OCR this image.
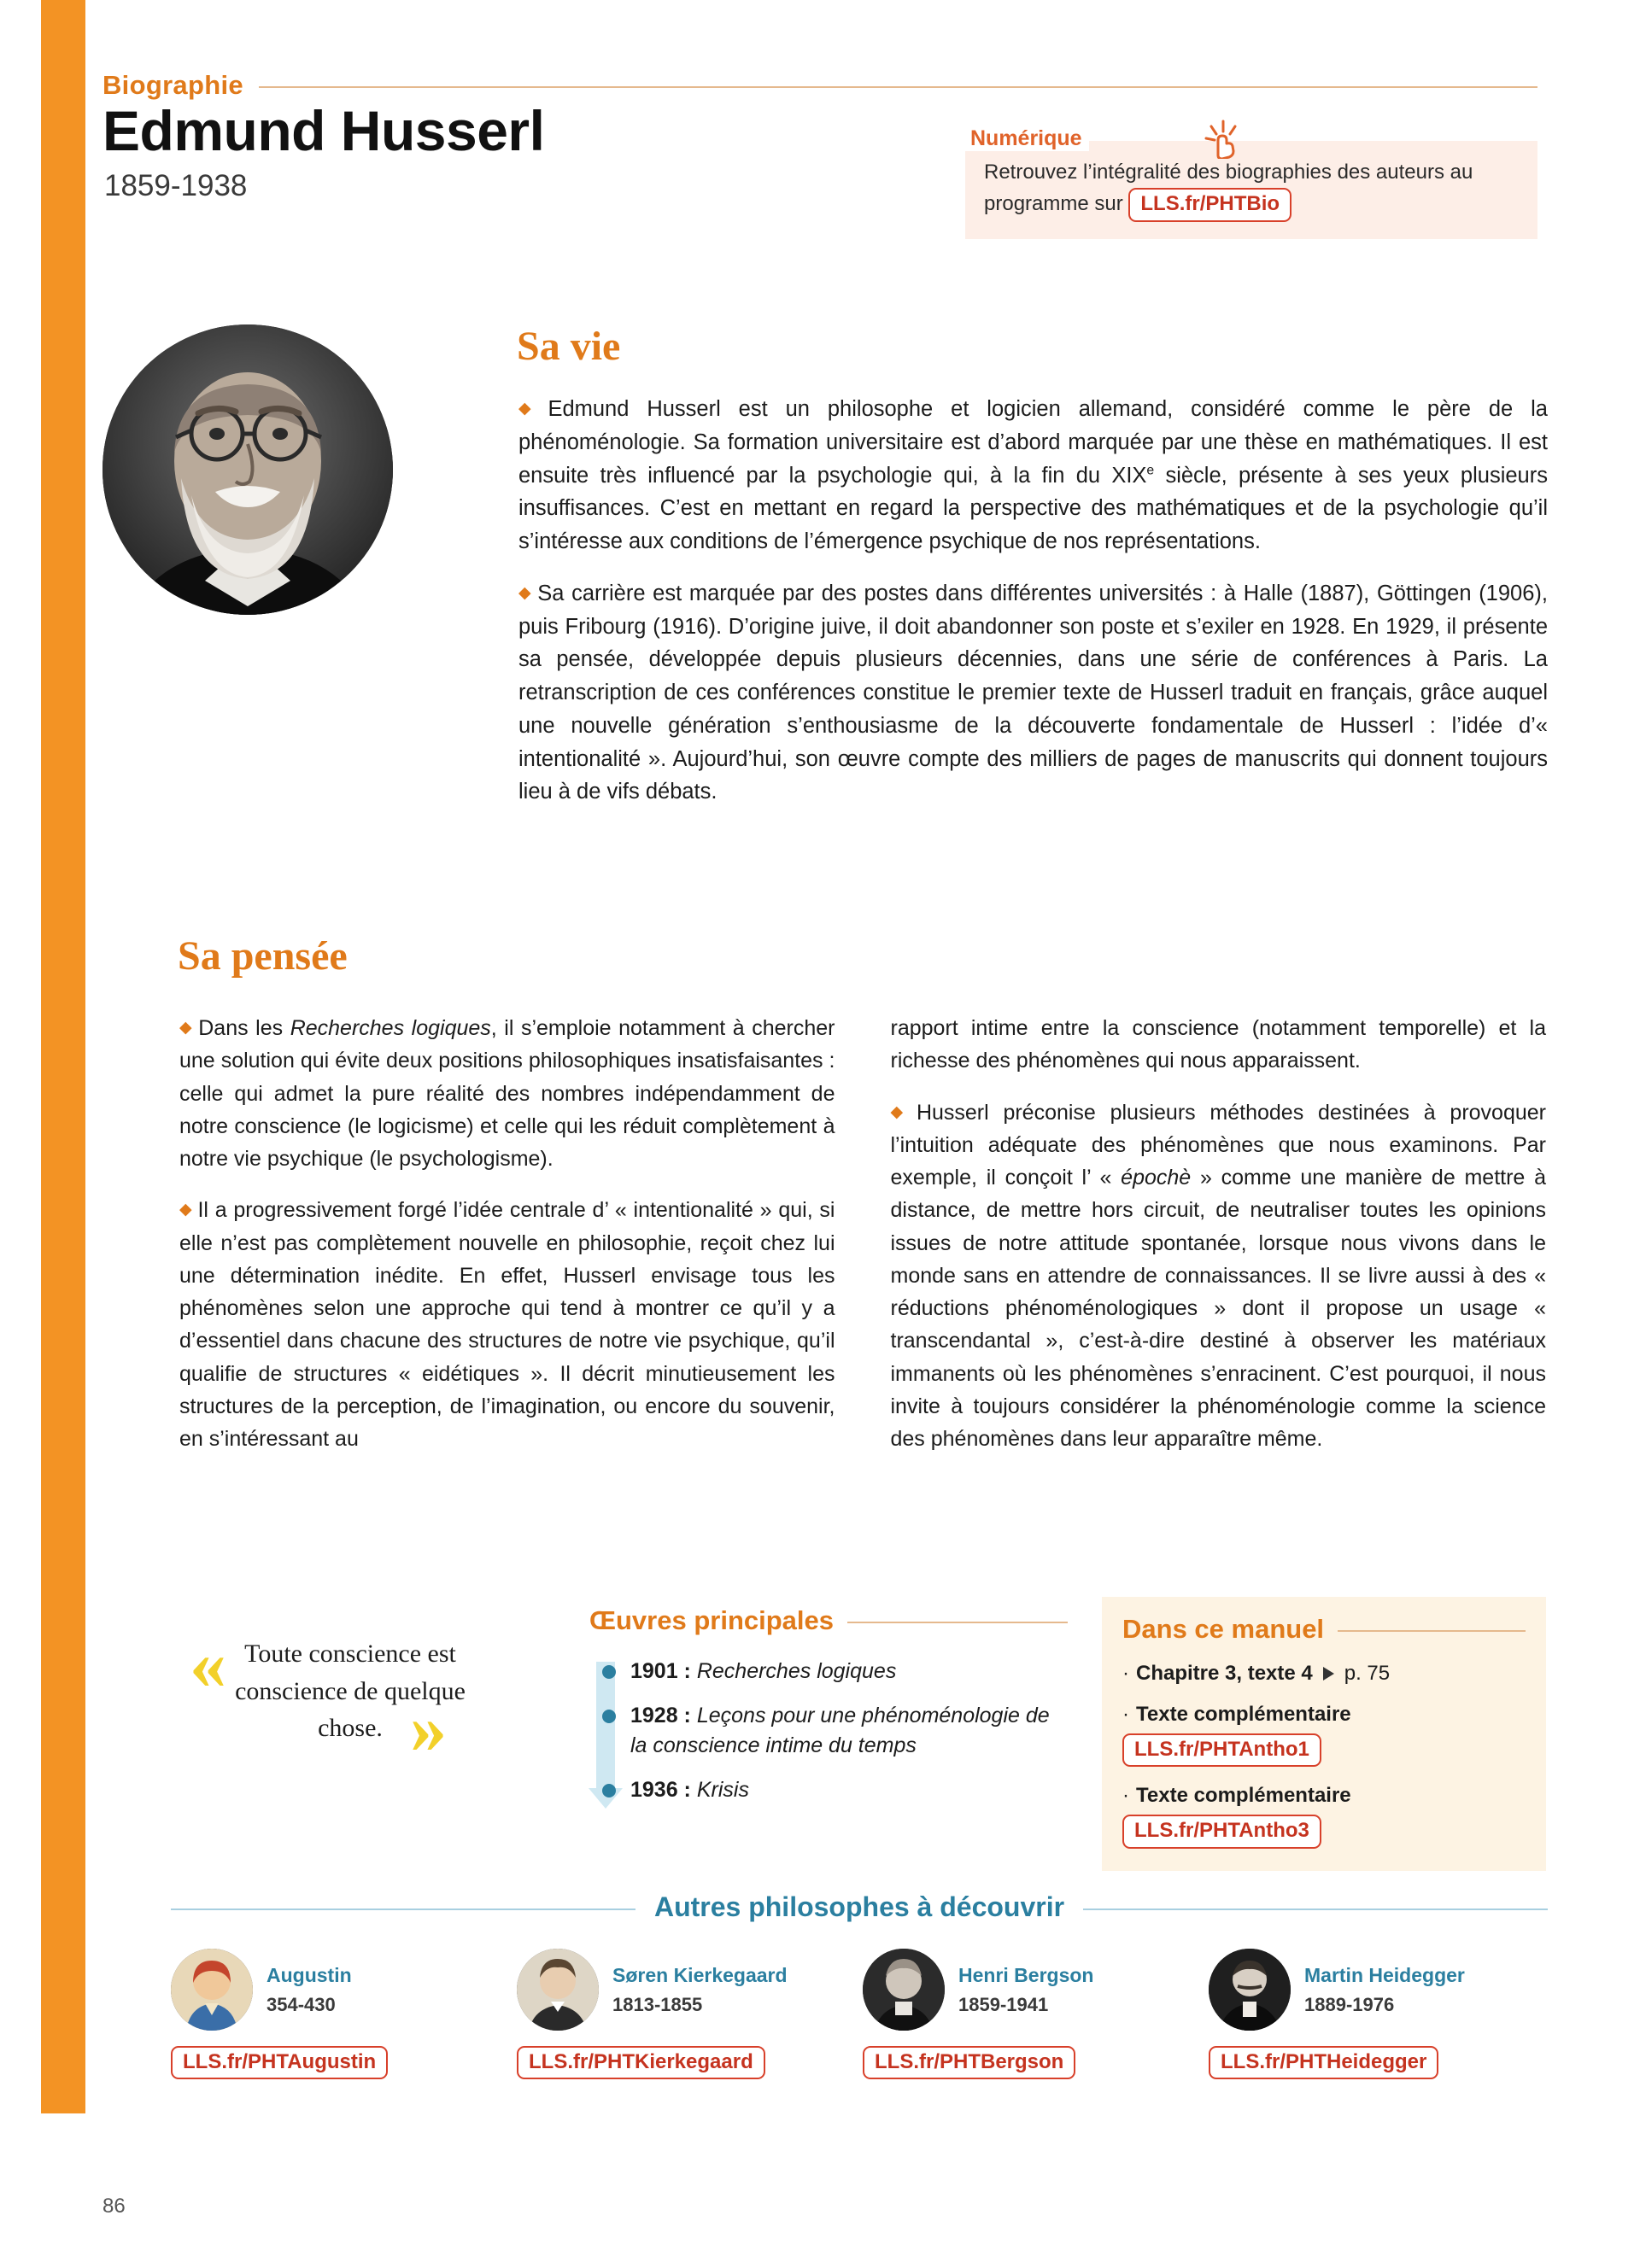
Biographie
Edmund Husserl
1859-1938	Retrouvez l’intégralité des biographies des auteurs au programme sur LLS.fr/PHTBio
Numérique
Sa vie

◆ Edmund Husserl est un philosophe et logicien allemand, considéré comme le père de la phénoménologie. Sa formation universitaire est d’abord marquée par une thèse en mathématiques. Il est ensuite très influencé par la psychologie qui, à la fin du XIXe siècle, présente à ses yeux plusieurs insuffisances. C’est en mettant en regard la perspective des mathématiques et de la psychologie qu’il s’intéresse aux conditions de l’émergence psychique de nos représentations.

◆ Sa carrière est marquée par des postes dans différentes universités : à Halle (1887), Göttingen (1906), puis Fribourg (1916). D’origine juive, il doit abandonner son poste et s’exiler en 1928. En 1929, il présente sa pensée, développée depuis plusieurs décennies, dans une série de conférences à Paris. La retranscription de ces conférences constitue le premier texte de Husserl traduit en français, grâce auquel une nouvelle génération s’enthousiasme de la découverte fondamentale de Husserl : l’idée d’« intentionalité ». Aujourd’hui, son œuvre compte des milliers de pages de manuscrits qui donnent toujours lieu à de vifs débats.

Sa pensée

◆ Dans les Recherches logiques, il s’emploie notamment à chercher une solution qui évite deux positions philosophiques insatisfaisantes : celle qui admet la pure réalité des nombres indépendamment de notre conscience (le logicisme) et celle qui les réduit complètement à notre vie psychique (le psychologisme).

◆ Il a progressivement forgé l’idée centrale d’ « intentionalité » qui, si elle n’est pas complètement nouvelle en philosophie, reçoit chez lui une détermination inédite. En effet, Husserl envisage tous les phénomènes selon une approche qui tend à montrer ce qu’il y a d’essentiel dans chacune des structures de notre vie psychique, qu’il qualifie de structures « eidétiques ». Il décrit minutieusement les structures de la perception, de l’imagination, ou encore du souvenir, en s’intéressant au

rapport intime entre la conscience (notamment temporelle) et la richesse des phénomènes qui nous apparaissent.

◆ Husserl préconise plusieurs méthodes destinées à provoquer l’intuition adéquate des phénomènes que nous examinons. Par exemple, il conçoit l’ « épochè » comme une manière de mettre à distance, de mettre hors circuit, de neutraliser toutes les opinions issues de notre attitude spontanée, lorsque nous vivons dans le monde sans en attendre de connaissances. Il se livre aussi à des « réductions phénoménologiques » dont il propose un usage « transcendantal », c’est-à-dire destiné à observer les matériaux immanents où les phénomènes s’enracinent. C’est pourquoi, il nous invite à toujours considérer la phénoménologie comme la science des phénomènes dans leur apparaître même.

«
»
Toute conscience est conscience de quelque chose.
Œuvres principales
1901 : Recherches logiques
1928 : Leçons pour une phénoménologie de la conscience intime du temps
1936 : Krisis
Dans ce manuel
· Chapitre 3, texte 4 p. 75
· Texte complémentaire
LLS.fr/PHTAntho1
· Texte complémentaire
LLS.fr/PHTAntho3
Autres philosophes à découvrir
Augustin
354-430
LLS.fr/PHTAugustin
Søren Kierkegaard
1813-1855
LLS.fr/PHTKierkegaard
Henri Bergson
1859-1941
LLS.fr/PHTBergson
Martin Heidegger
1889-1976
LLS.fr/PHTHeidegger
86
